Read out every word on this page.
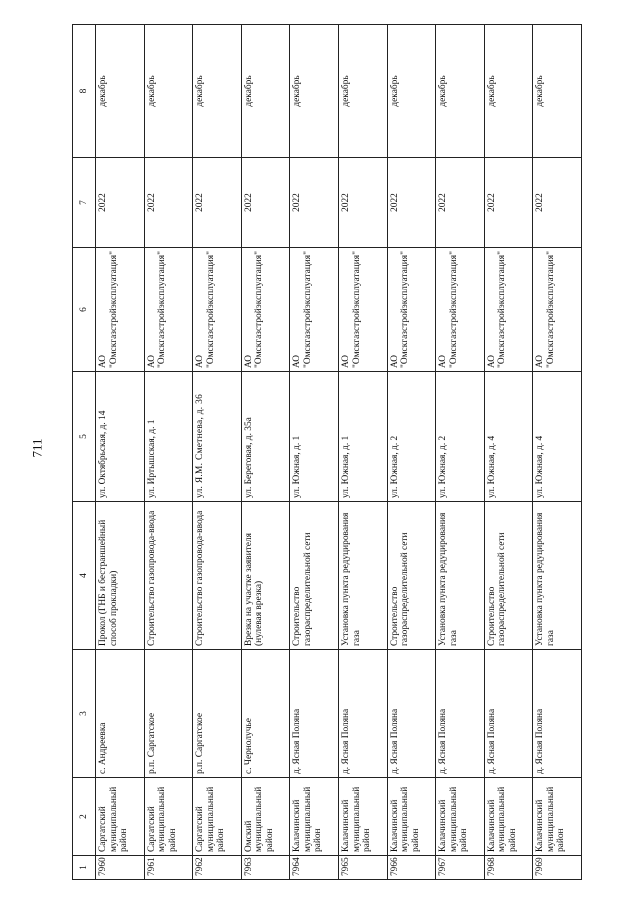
711
1	2	3	4	5	6	7	8
7960	Саргатский муниципальный район	с. Андреевка	Прокол (ГНБ и бестраншейный способ прокладки)	ул. Октябрьская, д. 14	АО "Омскгазстройэксплуатация"	2022	декабрь
7961	Саргатский муниципальный район	р.п. Саргатское	Строительство газопровода-ввода	ул. Иртышская, д. 1	АО "Омскгазстройэксплуатация"	2022	декабрь
7962	Саргатский муниципальный район	р.п. Саргатское	Строительство газопровода-ввода	ул. Я.М. Сметнева, д. 36	АО "Омскгазстройэксплуатация"	2022	декабрь
7963	Омский муниципальный район	с. Чернолучье	Врезка на участке заявителя (нулевая врезка)	ул. Береговая, д. 35а	АО "Омскгазстройэксплуатация"	2022	декабрь
7964	Калачинский муниципальный район	д. Ясная Поляна	Строительство газораспределительной сети	ул. Южная, д. 1	АО "Омскгазстройэксплуатация"	2022	декабрь
7965	Калачинский муниципальный район	д. Ясная Поляна	Установка пункта редуцирования газа	ул. Южная, д. 1	АО "Омскгазстройэксплуатация"	2022	декабрь
7966	Калачинский муниципальный район	д. Ясная Поляна	Строительство газораспределительной сети	ул. Южная, д. 2	АО "Омскгазстройэксплуатация"	2022	декабрь
7967	Калачинский муниципальный район	д. Ясная Поляна	Установка пункта редуцирования газа	ул. Южная, д. 2	АО "Омскгазстройэксплуатация"	2022	декабрь
7968	Калачинский муниципальный район	д. Ясная Поляна	Строительство газораспределительной сети	ул. Южная, д. 4	АО "Омскгазстройэксплуатация"	2022	декабрь
7969	Калачинский муниципальный район	д. Ясная Поляна	Установка пункта редуцирования газа	ул. Южная, д. 4	АО "Омскгазстройэксплуатация"	2022	декабрь
